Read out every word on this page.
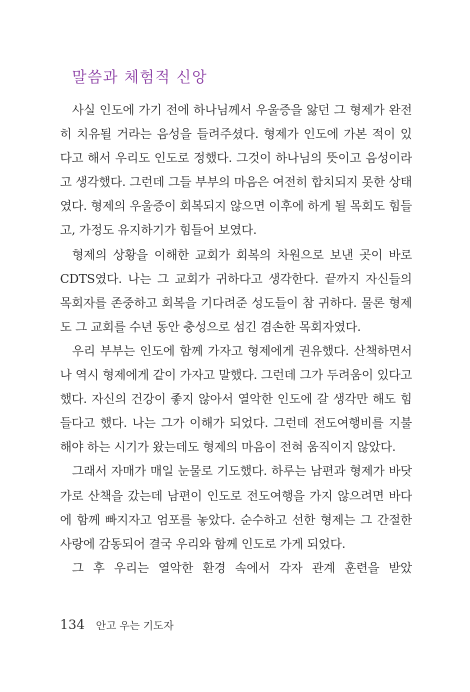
말씀과 체험적 신앙
사실 인도에 가기 전에 하나님께서 우울증을 앓던 그 형제가 완전
히 치유될 거라는 음성을 들려주셨다. 형제가 인도에 가본 적이 있
다고 해서 우리도 인도로 정했다. 그것이 하나님의 뜻이고 음성이라
고 생각했다. 그런데 그들 부부의 마음은 여전히 합치되지 못한 상태
였다. 형제의 우울증이 회복되지 않으면 이후에 하게 될 목회도 힘들
고, 가정도 유지하기가 힘들어 보였다.
형제의 상황을 이해한 교회가 회복의 차원으로 보낸 곳이 바로
CDTS였다. 나는 그 교회가 귀하다고 생각한다. 끝까지 자신들의
목회자를 존중하고 회복을 기다려준 성도들이 참 귀하다. 물론 형제
도 그 교회를 수년 동안 충성으로 섬긴 겸손한 목회자였다.
우리 부부는 인도에 함께 가자고 형제에게 권유했다. 산책하면서
나 역시 형제에게 같이 가자고 말했다. 그런데 그가 두려움이 있다고
했다. 자신의 건강이 좋지 않아서 열악한 인도에 갈 생각만 해도 힘
들다고 했다. 나는 그가 이해가 되었다. 그런데 전도여행비를 지불
해야 하는 시기가 왔는데도 형제의 마음이 전혀 움직이지 않았다.
그래서 자매가 매일 눈물로 기도했다. 하루는 남편과 형제가 바닷
가로 산책을 갔는데 남편이 인도로 전도여행을 가지 않으려면 바다
에 함께 빠지자고 엄포를 놓았다. 순수하고 선한 형제는 그 간절한
사랑에 감동되어 결국 우리와 함께 인도로 가게 되었다.
그 후 우리는 열악한 환경 속에서 각자 관계 훈련을 받았
134 안고 우는 기도자
